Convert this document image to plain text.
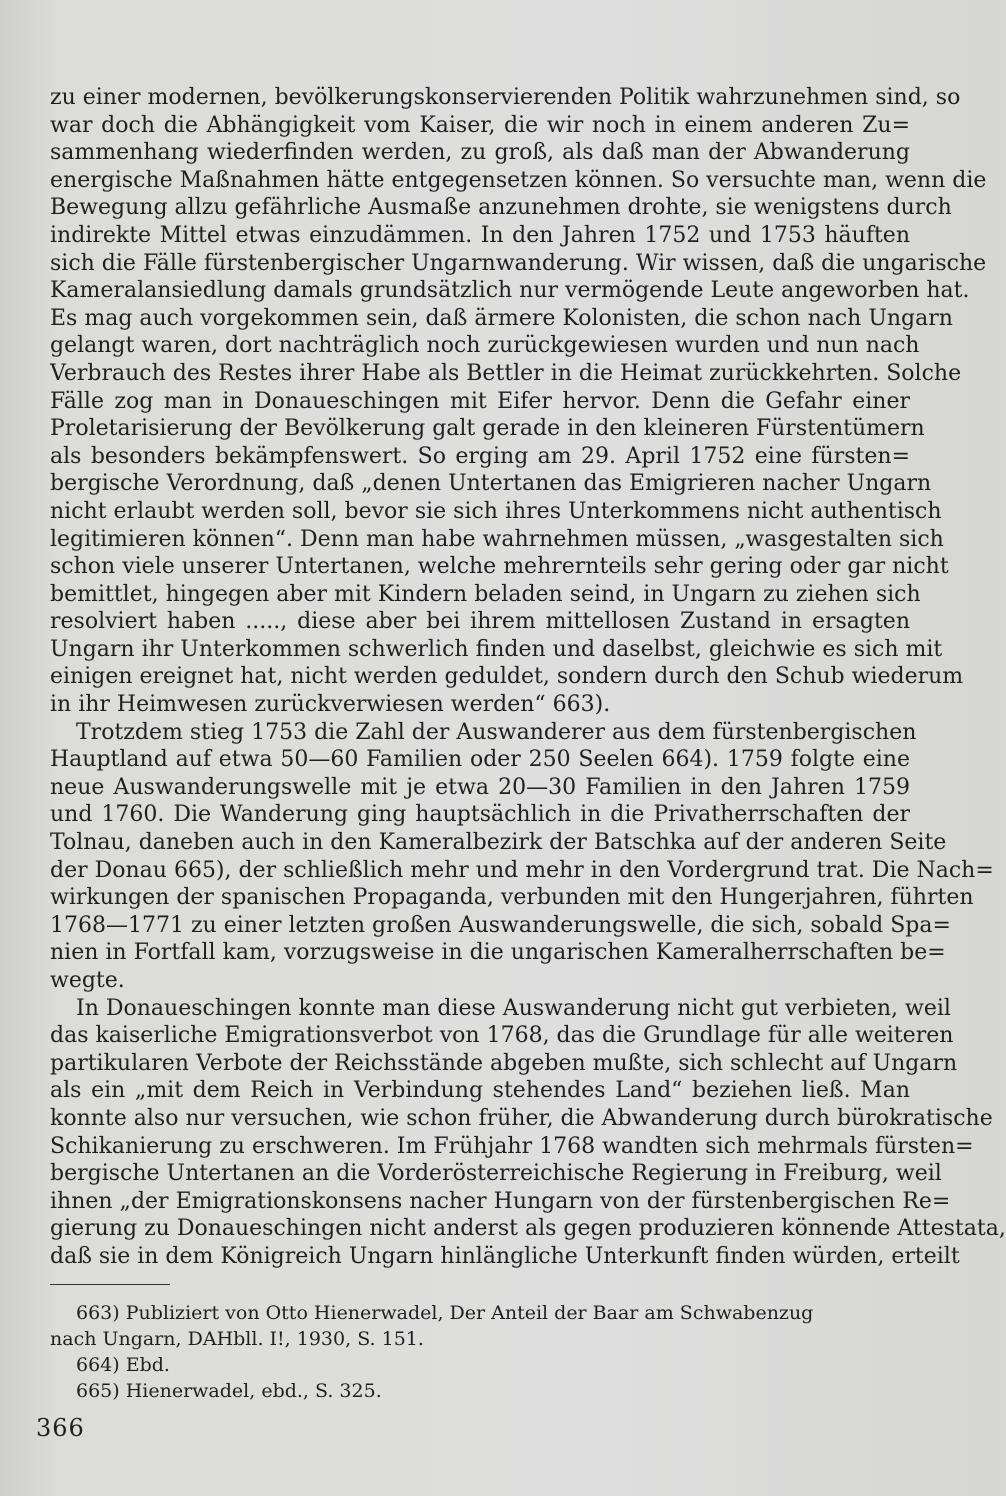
zu einer modernen, bevölkerungskonservierenden Politik wahrzunehmen sind, so
war doch die Abhängigkeit vom Kaiser, die wir noch in einem anderen Zu=
sammenhang wiederfinden werden, zu groß, als daß man der Abwanderung
energische Maßnahmen hätte entgegensetzen können. So versuchte man, wenn die
Bewegung allzu gefährliche Ausmaße anzunehmen drohte, sie wenigstens durch
indirekte Mittel etwas einzudämmen. In den Jahren 1752 und 1753 häuften
sich die Fälle fürstenbergischer Ungarnwanderung. Wir wissen, daß die ungarische
Kameralansiedlung damals grundsätzlich nur vermögende Leute angeworben hat.
Es mag auch vorgekommen sein, daß ärmere Kolonisten, die schon nach Ungarn
gelangt waren, dort nachträglich noch zurückgewiesen wurden und nun nach
Verbrauch des Restes ihrer Habe als Bettler in die Heimat zurückkehrten. Solche
Fälle zog man in Donaueschingen mit Eifer hervor. Denn die Gefahr einer
Proletarisierung der Bevölkerung galt gerade in den kleineren Fürstentümern
als besonders bekämpfenswert. So erging am 29. April 1752 eine fürsten=
bergische Verordnung, daß „denen Untertanen das Emigrieren nacher Ungarn
nicht erlaubt werden soll, bevor sie sich ihres Unterkommens nicht authentisch
legitimieren können“. Denn man habe wahrnehmen müssen, „wasgestalten sich
schon viele unserer Untertanen, welche mehrernteils sehr gering oder gar nicht
bemittlet, hingegen aber mit Kindern beladen seind, in Ungarn zu ziehen sich
resolviert haben ....., diese aber bei ihrem mittellosen Zustand in ersagten
Ungarn ihr Unterkommen schwerlich finden und daselbst, gleichwie es sich mit
einigen ereignet hat, nicht werden geduldet, sondern durch den Schub wiederum
in ihr Heimwesen zurückverwiesen werden“ 663).
Trotzdem stieg 1753 die Zahl der Auswanderer aus dem fürstenbergischen
Hauptland auf etwa 50—60 Familien oder 250 Seelen 664). 1759 folgte eine
neue Auswanderungswelle mit je etwa 20—30 Familien in den Jahren 1759
und 1760. Die Wanderung ging hauptsächlich in die Privatherrschaften der
Tolnau, daneben auch in den Kameralbezirk der Batschka auf der anderen Seite
der Donau 665), der schließlich mehr und mehr in den Vordergrund trat. Die Nach=
wirkungen der spanischen Propaganda, verbunden mit den Hungerjahren, führten
1768—1771 zu einer letzten großen Auswanderungswelle, die sich, sobald Spa=
nien in Fortfall kam, vorzugsweise in die ungarischen Kameralherrschaften be=
wegte.
In Donaueschingen konnte man diese Auswanderung nicht gut verbieten, weil
das kaiserliche Emigrationsverbot von 1768, das die Grundlage für alle weiteren
partikularen Verbote der Reichsstände abgeben mußte, sich schlecht auf Ungarn
als ein „mit dem Reich in Verbindung stehendes Land“ beziehen ließ. Man
konnte also nur versuchen, wie schon früher, die Abwanderung durch bürokratische
Schikanierung zu erschweren. Im Frühjahr 1768 wandten sich mehrmals fürsten=
bergische Untertanen an die Vorderösterreichische Regierung in Freiburg, weil
ihnen „der Emigrationskonsens nacher Hungarn von der fürstenbergischen Re=
gierung zu Donaueschingen nicht anderst als gegen produzieren könnende Attestata,
daß sie in dem Königreich Ungarn hinlängliche Unterkunft finden würden, erteilt
663) Publiziert von Otto Hienerwadel, Der Anteil der Baar am Schwabenzug
nach Ungarn, DAHbll. I!, 1930, S. 151.
664) Ebd.
665) Hienerwadel, ebd., S. 325.
366
